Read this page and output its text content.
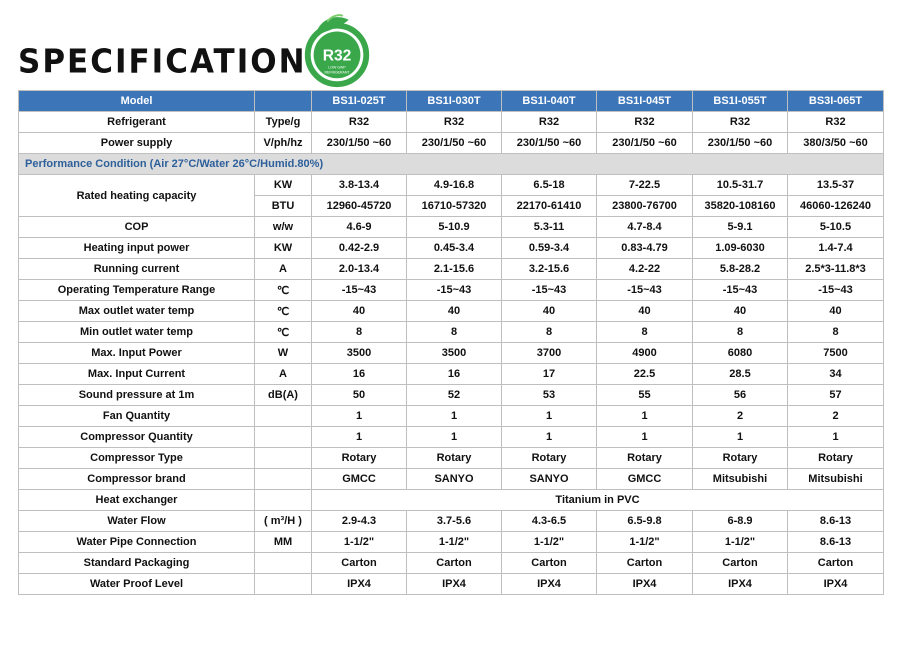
SPECIFICATION R32
LOW GWP
REFRIGERANT
Model		BS1I-025T	BS1I-030T	BS1I-040T	BS1I-045T	BS1I-055T	BS3I-065T
Refrigerant	Type/g	R32	R32	R32	R32	R32	R32
Power supply	V/ph/hz	230/1/50 ~60	230/1/50 ~60	230/1/50 ~60	230/1/50 ~60	230/1/50 ~60	380/3/50 ~60
Performance Condition (Air 27°C/Water 26°C/Humid.80%)							
Rated heating capacity	KW	3.8-13.4	4.9-16.8	6.5-18	7-22.5	10.5-31.7	13.5-37
	BTU	12960-45720	16710-57320	22170-61410	23800-76700	35820-108160	46060-126240
COP	w/w	4.6-9	5-10.9	5.3-11	4.7-8.4	5-9.1	5-10.5
Heating input power	KW	0.42-2.9	0.45-3.4	0.59-3.4	0.83-4.79	1.09-6030	1.4-7.4
Running current	A	2.0-13.4	2.1-15.6	3.2-15.6	4.2-22	5.8-28.2	2.5*3-11.8*3
Operating Temperature Range	℃	-15~43	-15~43	-15~43	-15~43	-15~43	-15~43
Max outlet water temp	℃	40	40	40	40	40	40
Min outlet water temp	℃	8	8	8	8	8	8
Max. Input Power	W	3500	3500	3700	4900	6080	7500
Max. Input Current	A	16	16	17	22.5	28.5	34
Sound pressure at 1m	dB(A)	50	52	53	55	56	57
Fan Quantity		1	1	1	1	2	2
Compressor Quantity		1	1	1	1	1	1
Compressor Type		Rotary	Rotary	Rotary	Rotary	Rotary	Rotary
Compressor brand		GMCC	SANYO	SANYO	GMCC	Mitsubishi	Mitsubishi
Heat exchanger		Titanium in PVC					
Water Flow	( m³/H )	2.9-4.3	3.7-5.6	4.3-6.5	6.5-9.8	6-8.9	8.6-13
Water Pipe Connection	MM	1-1/2"	1-1/2"	1-1/2"	1-1/2"	1-1/2"	8.6-13
Standard Packaging		Carton	Carton	Carton	Carton	Carton	Carton
Water Proof Level		IPX4	IPX4	IPX4	IPX4	IPX4	IPX4
